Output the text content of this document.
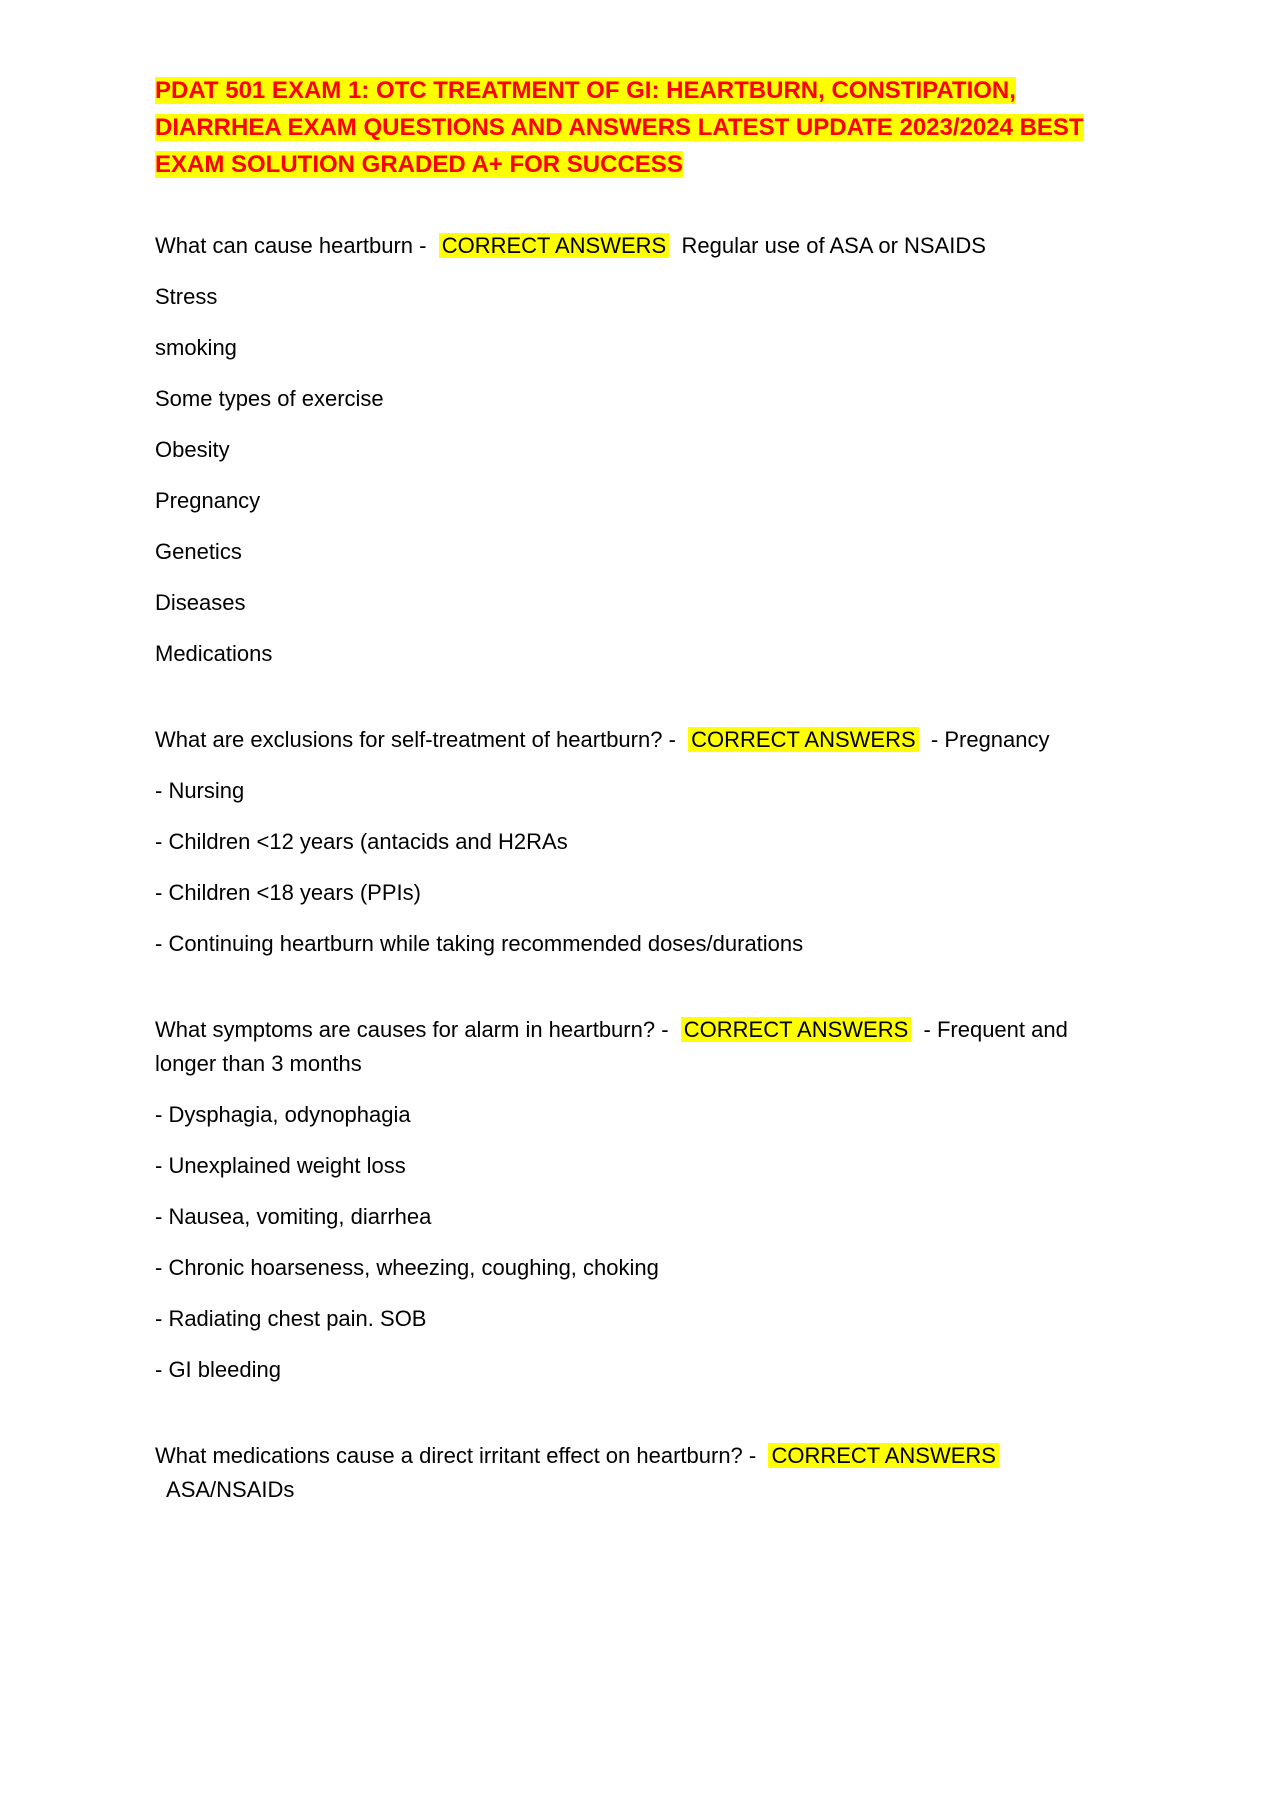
PDAT 501 EXAM 1: OTC TREATMENT OF GI: HEARTBURN, CONSTIPATION, DIARRHEA EXAM QUESTIONS AND ANSWERS LATEST UPDATE 2023/2024 BEST EXAM SOLUTION GRADED A+ FOR SUCCESS
What can cause heartburn - CORRECT ANSWERS Regular use of ASA or NSAIDS
Stress
smoking
Some types of exercise
Obesity
Pregnancy
Genetics
Diseases
Medications
What are exclusions for self-treatment of heartburn? - CORRECT ANSWERS - Pregnancy
- Nursing
- Children <12 years (antacids and H2RAs
- Children <18 years (PPIs)
- Continuing heartburn while taking recommended doses/durations
What symptoms are causes for alarm in heartburn? - CORRECT ANSWERS - Frequent and longer than 3 months
- Dysphagia, odynophagia
- Unexplained weight loss
- Nausea, vomiting, diarrhea
- Chronic hoarseness, wheezing, coughing, choking
- Radiating chest pain. SOB
- GI bleeding
What medications cause a direct irritant effect on heartburn? - CORRECT ANSWERS  ASA/NSAIDs
